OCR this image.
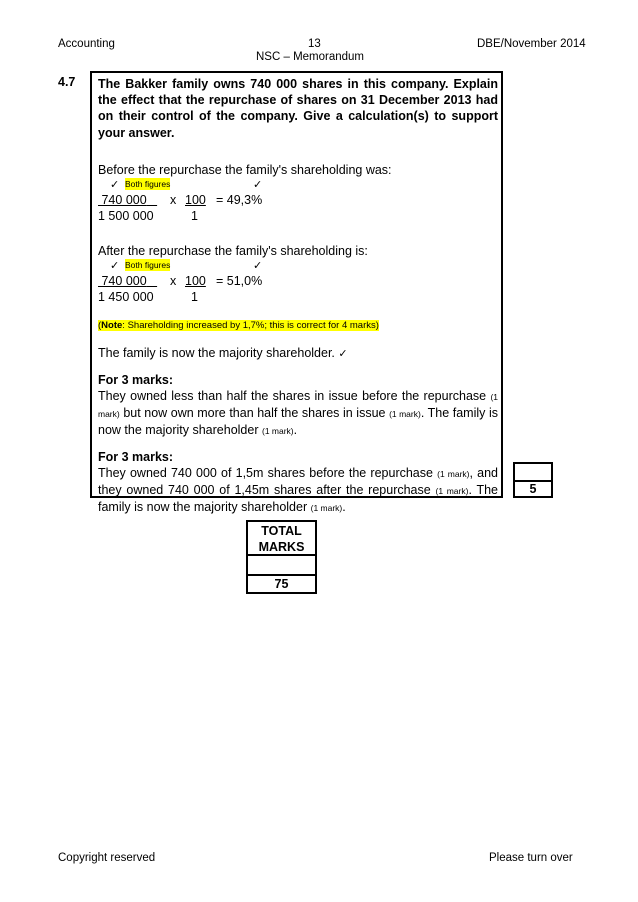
Accounting	13	DBE/November 2014
NSC – Memorandum
4.7 The Bakker family owns 740 000 shares in this company. Explain the effect that the repurchase of shares on 31 December 2013 had on their control of the company. Give a calculation(s) to support your answer.

Before the repurchase the family's shareholding was:

✓ Both figures	✓
740 000	x 100 = 49,3%
1 500 000	1

After the repurchase the family's shareholding is:

✓ Both figures	✓
740 000	x 100 = 51,0%
1 450 000	1

(Note: Shareholding increased by 1,7%; this is correct for 4 marks)

The family is now the majority shareholder. ✓

For 3 marks:

They owned less than half the shares in issue before the repurchase (1 mark) but now own more than half the shares in issue (1 mark). The family is now the majority shareholder (1 mark).

For 3 marks:

They owned 740 000 of 1,5m shares before the repurchase (1 mark), and they owned 740 000 of 1,45m shares after the repurchase (1 mark). The family is now the majority shareholder (1 mark).

5
TOTAL
MARKS
75
Copyright reserved	Please turn over
